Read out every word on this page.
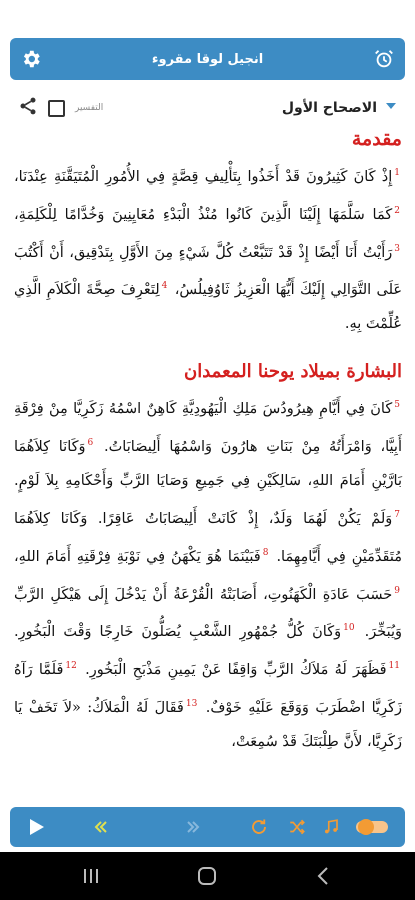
انجيل لوقا مقروء
التفسير	الاصحاح الأول
مقدمة
$^1$إِذْ كَانَ كَثِيرُونَ قَدْ أَخَذُوا بِتَأْلِيفِ قِصَّةٍ فِي الأُمُورِ الْمُتَيَقَّنَةِ عِنْدَنَا، $^2$كَمَا سَلَّمَهَا إِلَيْنَا الَّذِينَ كَانُوا مُنْذُ الْبَدْءِ مُعَايِنِينَ وَخُدَّامًا لِلْكَلِمَةِ، $^3$رَأَيْتُ أَنَا أَيْضًا إِذْ قَدْ تَتَبَّعْتُ كُلَّ شَيْءٍ مِنَ الأَوَّلِ بِتَدْقِيق، أَنْ أَكْتُبَ عَلَى التَّوَالِي إِلَيْكَ أَيُّهَا الْعَزِيزُ ثَاوُفِيلُسُ، $^4$لِتَعْرِفَ صِحَّةَ الْكَلاَمِ الَّذِي عُلِّمْتَ بِهِ.
البشارة بميلاد يوحنا المعمدان
$^5$كَانَ فِي أَيَّامِ هِيرُودُسَ مَلِكِ الْيَهُودِيَّةِ كَاهِنٌ اسْمُهُ زَكَرِيَّا مِنْ فِرْقَةِ أَبِيَّا، وَامْرَأَتُهُ مِنْ بَنَاتِ هارُونَ وَاسْمُهَا أَلِيصَابَاتُ. $^6$وَكَانَا كِلاَهُمَا بَارَّيْنِ أَمَامَ اللهِ، سَالِكَيْنِ فِي جَمِيعِ وَصَايَا الرَّبِّ وَأَحْكَامِهِ بِلاَ لَوْمٍ. $^7$وَلَمْ يَكُنْ لَهُمَا وَلَدٌ، إِذْ كَانَتْ أَلِيصَابَاتُ عَاقِرًا. وَكَانَا كِلاَهُمَا مُتَقَدِّمَيْنِ فِي أَيَّامِهِمَا. $^8$فَبَيْنَمَا هُوَ يَكْهَنُ فِي نَوْبَةِ فِرْقَتِهِ أَمَامَ اللهِ، $^9$حَسَبَ عَادَةِ الْكَهَنُوتِ، أَصَابَتْهُ الْقُرْعَةُ أَنْ يَدْخُلَ إِلَى هَيْكَلِ الرَّبِّ وَيُبَخِّرَ. $^{10}$وَكَانَ كُلُّ جُمْهُورِ الشَّعْبِ يُصَلُّونَ خَارِجًا وَقْتَ الْبَخُورِ. $^{11}$فَظَهَرَ لَهُ مَلاَكُ الرَّبِّ وَاقِفًا عَنْ يَمِينِ مَذْبَحِ الْبَخُورِ. $^{12}$فَلَمَّا رَآهُ زَكَرِيَّا اضْطَرَبَ وَوَقَعَ عَلَيْهِ خَوْفٌ. $^{13}$فَقَالَ لَهُ الْمَلاَكُ: «لاَ تَخَفْ يَا زَكَرِيَّا، لأَنَّ طِلْبَتَكَ قَدْ سُمِعَتْ،
